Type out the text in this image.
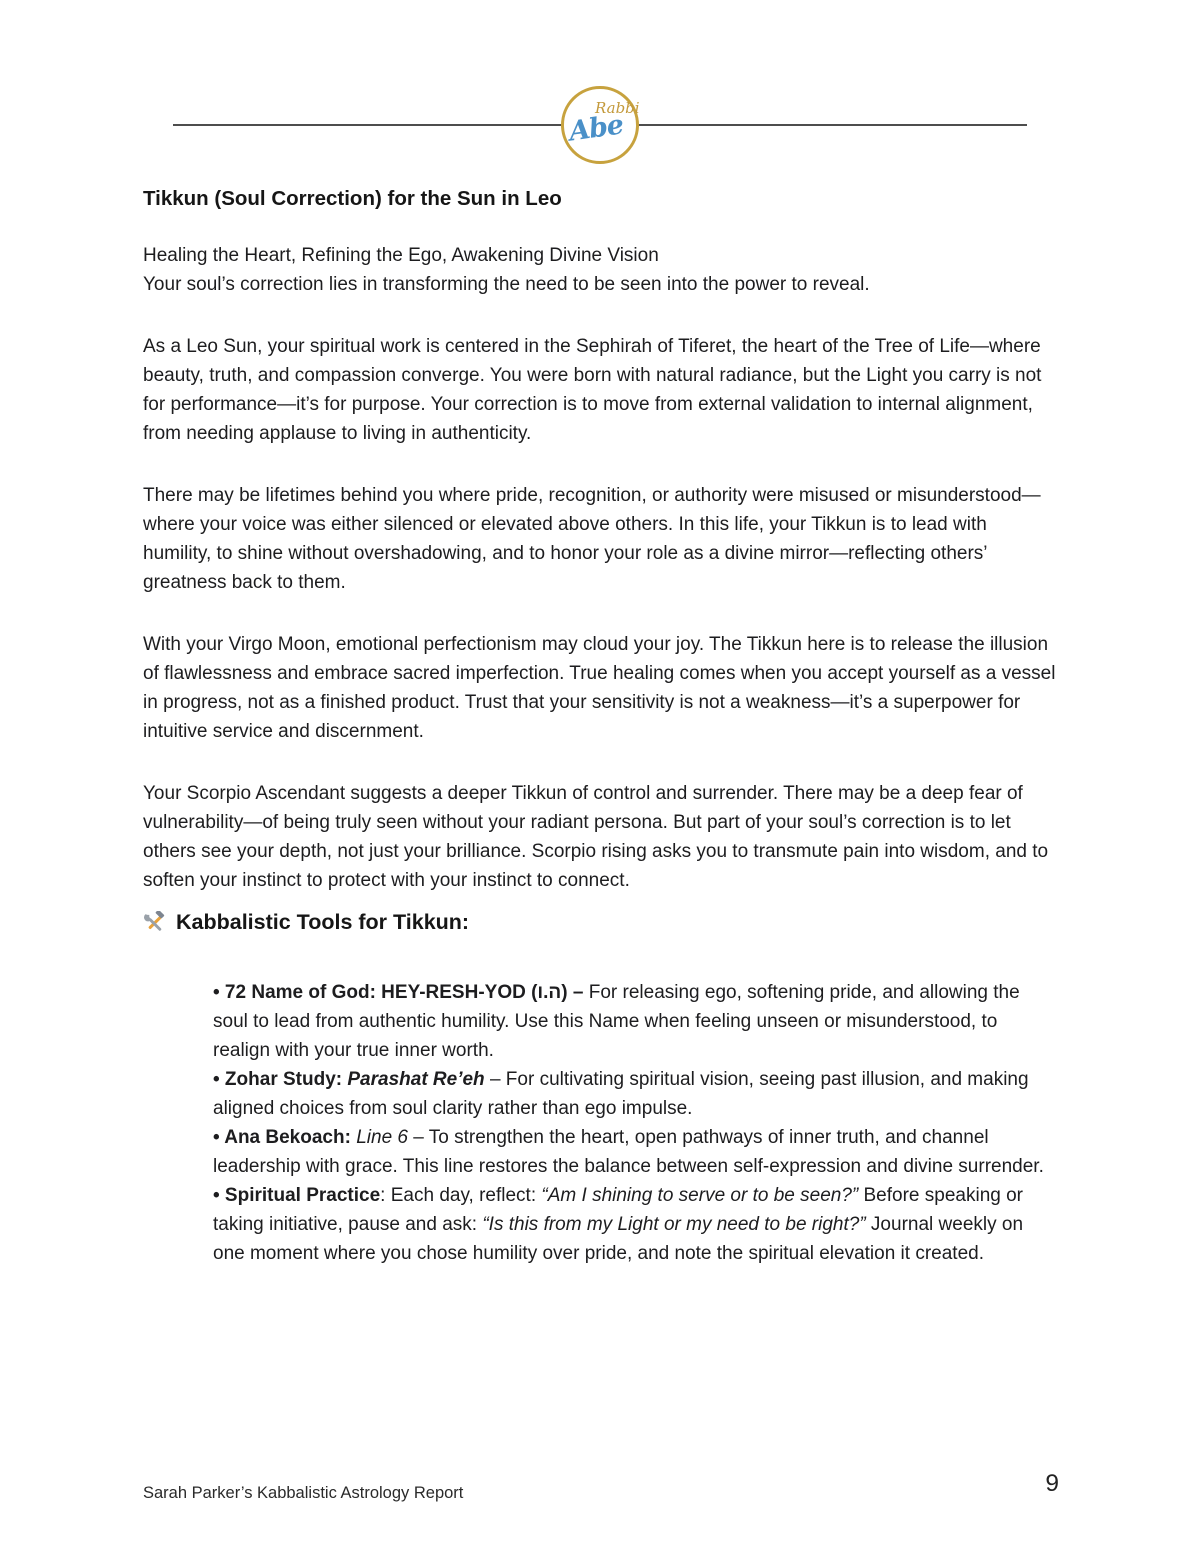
Rabbi
Abe
Tikkun (Soul Correction) for the Sun in Leo
Healing the Heart, Refining the Ego, Awakening Divine Vision
Your soul’s correction lies in transforming the need to be seen into the power to reveal.

As a Leo Sun, your spiritual work is centered in the Sephirah of Tiferet, the heart of the Tree of Life—where beauty, truth, and compassion converge. You were born with natural radiance, but the Light you carry is not for performance—it’s for purpose. Your correction is to move from external validation to internal alignment, from needing applause to living in authenticity.

There may be lifetimes behind you where pride, recognition, or authority were misused or misunderstood—where your voice was either silenced or elevated above others. In this life, your Tikkun is to lead with humility, to shine without overshadowing, and to honor your role as a divine mirror—reflecting others’ greatness back to them.

With your Virgo Moon, emotional perfectionism may cloud your joy. The Tikkun here is to release the illusion of flawlessness and embrace sacred imperfection. True healing comes when you accept yourself as a vessel in progress, not as a finished product. Trust that your sensitivity is not a weakness—it’s a superpower for intuitive service and discernment.

Your Scorpio Ascendant suggests a deeper Tikkun of control and surrender. There may be a deep fear of vulnerability—of being truly seen without your radiant persona. But part of your soul’s correction is to let others see your depth, not just your brilliance. Scorpio rising asks you to transmute pain into wisdom, and to soften your instinct to protect with your instinct to connect.

Kabbalistic Tools for Tikkun:

• 72 Name of God: HEY-RESH-YOD (ה.ו) – For releasing ego, softening pride, and allowing the soul to lead from authentic humility. Use this Name when feeling unseen or misunderstood, to realign with your true inner worth.

• Zohar Study: Parashat Re’eh – For cultivating spiritual vision, seeing past illusion, and making aligned choices from soul clarity rather than ego impulse.

• Ana Bekoach: Line 6 – To strengthen the heart, open pathways of inner truth, and channel leadership with grace. This line restores the balance between self-expression and divine surrender.

• Spiritual Practice: Each day, reflect: “Am I shining to serve or to be seen?” Before speaking or taking initiative, pause and ask: “Is this from my Light or my need to be right?” Journal weekly on one moment where you chose humility over pride, and note the spiritual elevation it created.

Sarah Parker’s Kabbalistic Astrology Report	9
